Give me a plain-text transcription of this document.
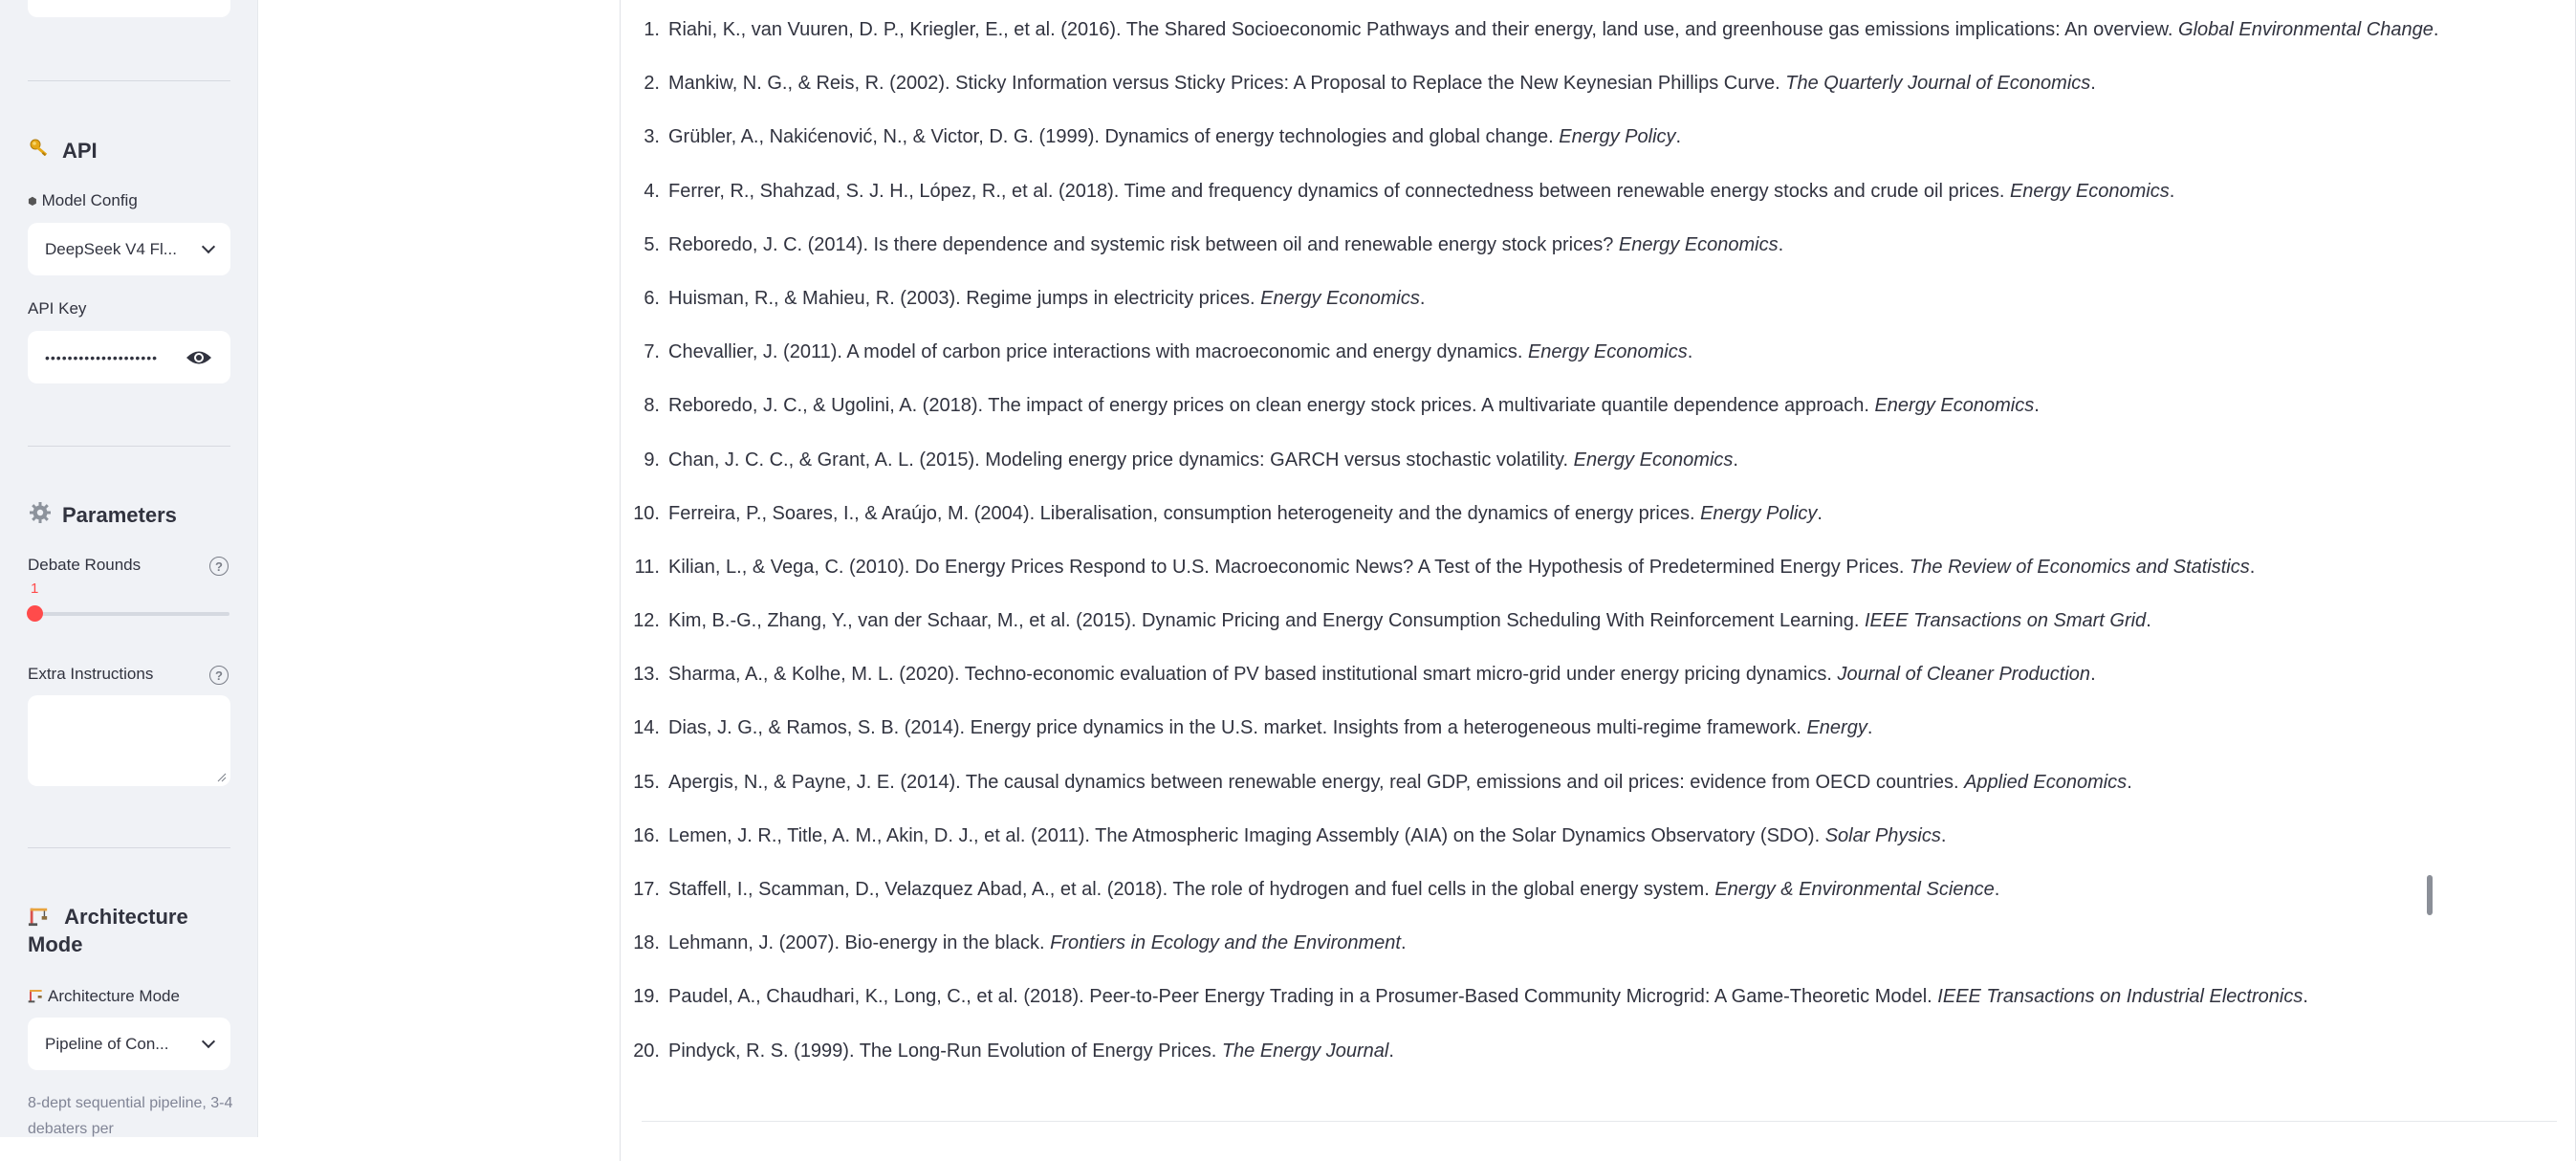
API
⬢ Model Config
DeepSeek V4 Fl...
API Key
••••••••••••••••••••
Parameters
Debate Rounds	?
1
Extra Instructions	?
Architecture Mode
Architecture Mode
Pipeline of Con...
8-dept sequential pipeline, 3-4 debaters per
1. Riahi, K., van Vuuren, D. P., Kriegler, E., et al. (2016). The Shared Socioeconomic Pathways and their energy, land use, and greenhouse gas emissions implications: An overview. Global Environmental Change.
2. Mankiw, N. G., & Reis, R. (2002). Sticky Information versus Sticky Prices: A Proposal to Replace the New Keynesian Phillips Curve. The Quarterly Journal of Economics.
3. Grübler, A., Nakićenović, N., & Victor, D. G. (1999). Dynamics of energy technologies and global change. Energy Policy.
4. Ferrer, R., Shahzad, S. J. H., López, R., et al. (2018). Time and frequency dynamics of connectedness between renewable energy stocks and crude oil prices. Energy Economics.
5. Reboredo, J. C. (2014). Is there dependence and systemic risk between oil and renewable energy stock prices? Energy Economics.
6. Huisman, R., & Mahieu, R. (2003). Regime jumps in electricity prices. Energy Economics.
7. Chevallier, J. (2011). A model of carbon price interactions with macroeconomic and energy dynamics. Energy Economics.
8. Reboredo, J. C., & Ugolini, A. (2018). The impact of energy prices on clean energy stock prices. A multivariate quantile dependence approach. Energy Economics.
9. Chan, J. C. C., & Grant, A. L. (2015). Modeling energy price dynamics: GARCH versus stochastic volatility. Energy Economics.
10. Ferreira, P., Soares, I., & Araújo, M. (2004). Liberalisation, consumption heterogeneity and the dynamics of energy prices. Energy Policy.
11. Kilian, L., & Vega, C. (2010). Do Energy Prices Respond to U.S. Macroeconomic News? A Test of the Hypothesis of Predetermined Energy Prices. The Review of Economics and Statistics.
12. Kim, B.-G., Zhang, Y., van der Schaar, M., et al. (2015). Dynamic Pricing and Energy Consumption Scheduling With Reinforcement Learning. IEEE Transactions on Smart Grid.
13. Sharma, A., & Kolhe, M. L. (2020). Techno-economic evaluation of PV based institutional smart micro-grid under energy pricing dynamics. Journal of Cleaner Production.
14. Dias, J. G., & Ramos, S. B. (2014). Energy price dynamics in the U.S. market. Insights from a heterogeneous multi-regime framework. Energy.
15. Apergis, N., & Payne, J. E. (2014). The causal dynamics between renewable energy, real GDP, emissions and oil prices: evidence from OECD countries. Applied Economics.
16. Lemen, J. R., Title, A. M., Akin, D. J., et al. (2011). The Atmospheric Imaging Assembly (AIA) on the Solar Dynamics Observatory (SDO). Solar Physics.
17. Staffell, I., Scamman, D., Velazquez Abad, A., et al. (2018). The role of hydrogen and fuel cells in the global energy system. Energy & Environmental Science.
18. Lehmann, J. (2007). Bio-energy in the black. Frontiers in Ecology and the Environment.
19. Paudel, A., Chaudhari, K., Long, C., et al. (2018). Peer-to-Peer Energy Trading in a Prosumer-Based Community Microgrid: A Game-Theoretic Model. IEEE Transactions on Industrial Electronics.
20. Pindyck, R. S. (1999). The Long-Run Evolution of Energy Prices. The Energy Journal.
